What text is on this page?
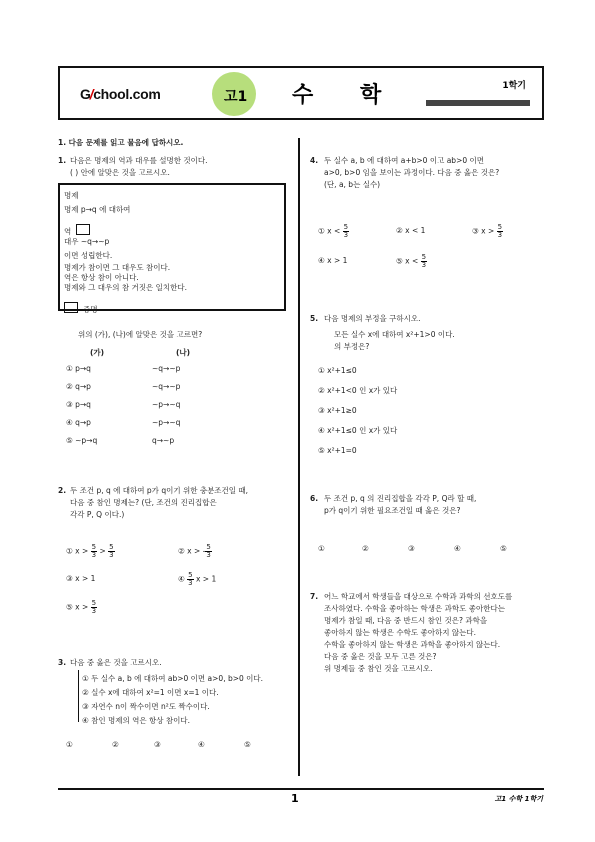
G/chool.com	고1 수 학	1학기
1. 다음 문제를 읽고 물음에 답하시오.
1. 다음은 명제의 역과 대우를 설명한 것이다.
( ) 안에 알맞은 것을 고르시오.
명제
명제 p→q 에 대하여
역
대우 ~q→~p
이면 성립한다.
명제가 참이면 그 대우도 참이다.
역은 항상 참이 아니다.
명제와 그 대우의 참 거짓은 일치한다.
증명
위의 (가), (나)에 알맞은 것을 고르면?
(가)	(나)
① p→q	~q→~p
② q→p	~q→~p
③ p→q	~p→~q
④ q→p	~p→~q
⑤ ~p→q	q→~p
2. 두 조건 p, q 에 대하여 p가 q이기 위한 충분조건일 때,
다음 중 참인 명제는? (단, 조건의 진리집합은
각각 P, Q 이다.)
① $x > \frac{5}{3} > \frac{5}{3}$	② x > - $\frac{5}{3}$
③ x > 1	④ $\frac{5}{3}$ x > 1
⑤ $x > \frac{5}{3}$
3. 다음 중 옳은 것을 고르시오.
① 두 실수 a, b 에 대하여 ab>0 이면 a>0, b>0 이다.
② 실수 x에 대하여 x²=1 이면 x=1 이다.
③ 자연수 n이 짝수이면 n²도 짝수이다.
④ 참인 명제의 역은 항상 참이다.
①	②	③	④	⑤
4. 두 실수 a, b 에 대하여 a+b>0 이고 ab>0 이면
a>0, b>0 임을 보이는 과정이다. 다음 중 옳은 것은?
(단, a, b는 실수)
① $x < \frac{5}{3}$	② x < 1	③ $x > \frac{5}{3}$
④ x > 1	⑤ $x < \frac{5}{3}$
5. 다음 명제의 부정을 구하시오.
모든 실수 x에 대하여 x²+1>0 이다.
의 부정은?
① x²+1≤0
② x²+1<0 인 x가 있다
③ x²+1≥0
④ x²+1≤0 인 x가 있다
⑤ x²+1=0
6. 두 조건 p, q 의 진리집합을 각각 P, Q라 할 때,
p가 q이기 위한 필요조건일 때 옳은 것은?
①	②	③	④	⑤
7. 어느 학교에서 학생들을 대상으로 수학과 과학의 선호도를
조사하였다. 수학을 좋아하는 학생은 과학도 좋아한다는
명제가 참일 때, 다음 중 반드시 참인 것은? 과학을
좋아하지 않는 학생은 수학도 좋아하지 않는다.
수학을 좋아하지 않는 학생은 과학을 좋아하지 않는다.
다음 중 옳은 것을 모두 고른 것은?
위 명제들 중 참인 것을 고르시오.
1	고1 수학 1학기
